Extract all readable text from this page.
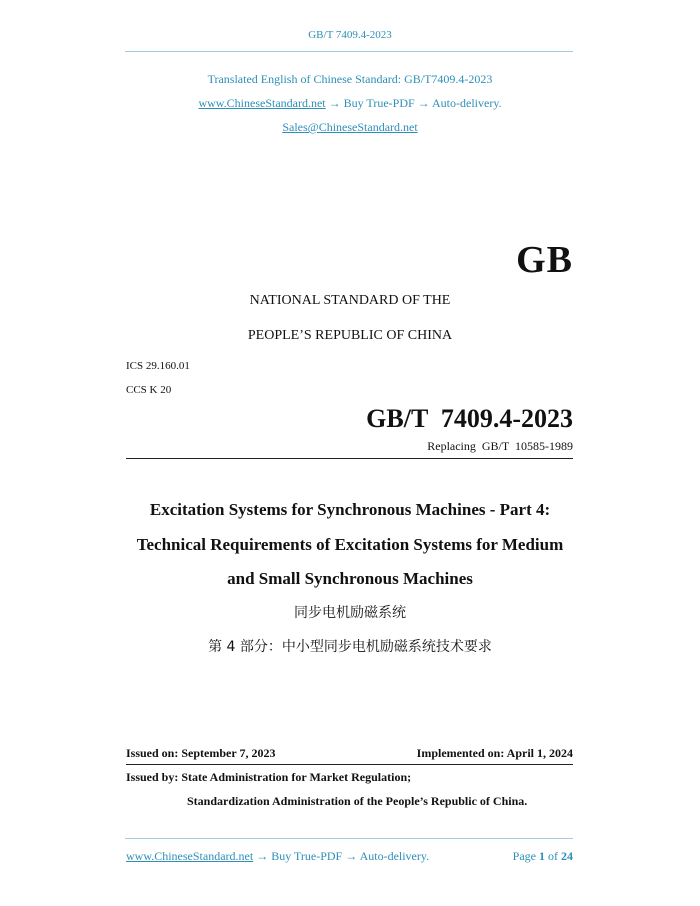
GB/T 7409.4-2023
Translated English of Chinese Standard: GB/T7409.4-2023
www.ChineseStandard.net → Buy True-PDF → Auto-delivery.
Sales@ChineseStandard.net
GB
NATIONAL STANDARD OF THE
PEOPLE’S REPUBLIC OF CHINA
ICS 29.160.01
CCS K 20
GB/T  7409.4-2023
Replacing  GB/T  10585-1989
Excitation Systems for Synchronous Machines - Part 4:
Technical Requirements of Excitation Systems for Medium
and Small Synchronous Machines
同步电机励磁系统
第 4 部分：中小型同步电机励磁系统技术要求
Issued on: September 7, 2023	Implemented on: April 1, 2024
Issued by: State Administration for Market Regulation;
Standardization Administration of the People’s Republic of China.
www.ChineseStandard.net → Buy True-PDF → Auto-delivery.	Page 1 of 24
